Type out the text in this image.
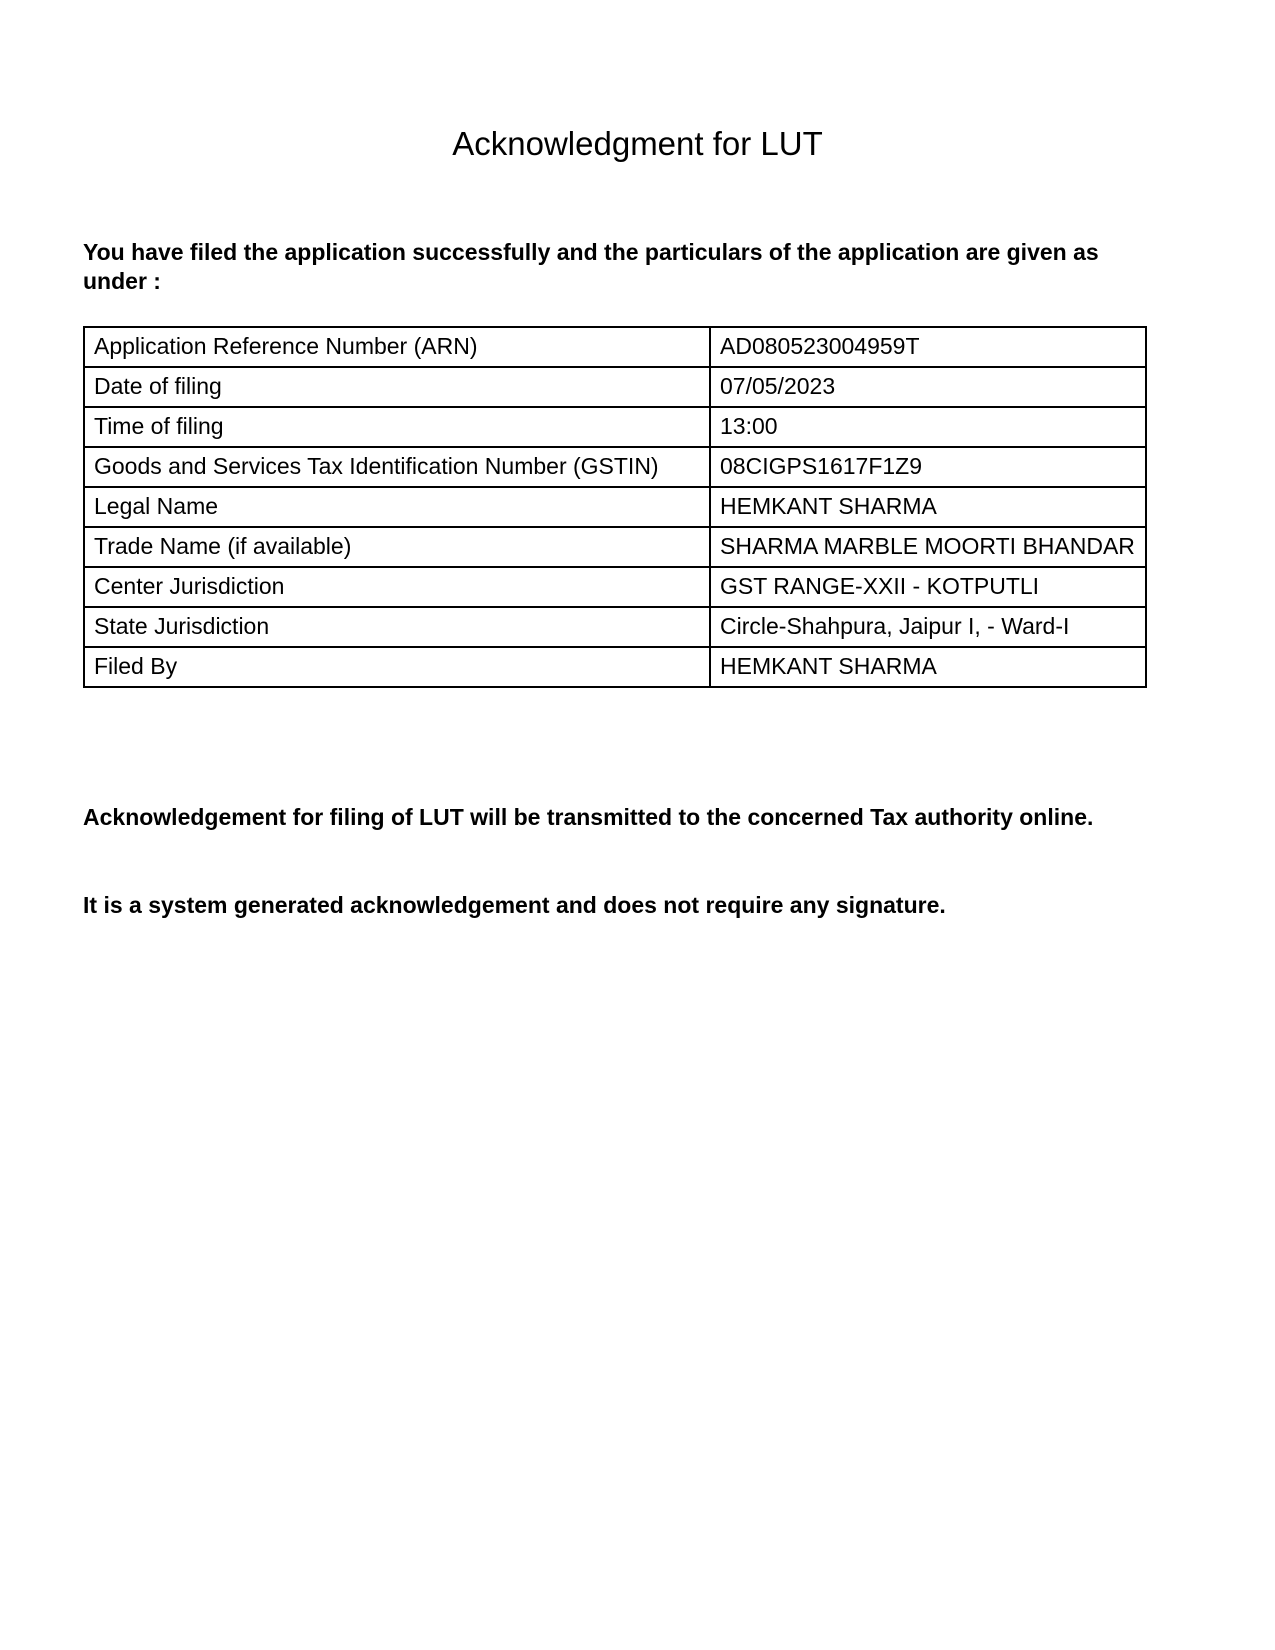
Acknowledgment for LUT

You have filed the application successfully and the particulars of the application are given as under :

Application Reference Number (ARN)	AD080523004959T
Date of filing	07/05/2023
Time of filing	13:00
Goods and Services Tax Identification Number (GSTIN)	08CIGPS1617F1Z9
Legal Name	HEMKANT SHARMA
Trade Name (if available)	SHARMA MARBLE MOORTI BHANDAR
Center Jurisdiction	GST RANGE-XXII - KOTPUTLI
State Jurisdiction	Circle-Shahpura, Jaipur I, - Ward-I
Filed By	HEMKANT SHARMA

Acknowledgement for filing of LUT will be transmitted to the concerned Tax authority online.

It is a system generated acknowledgement and does not require any signature.
